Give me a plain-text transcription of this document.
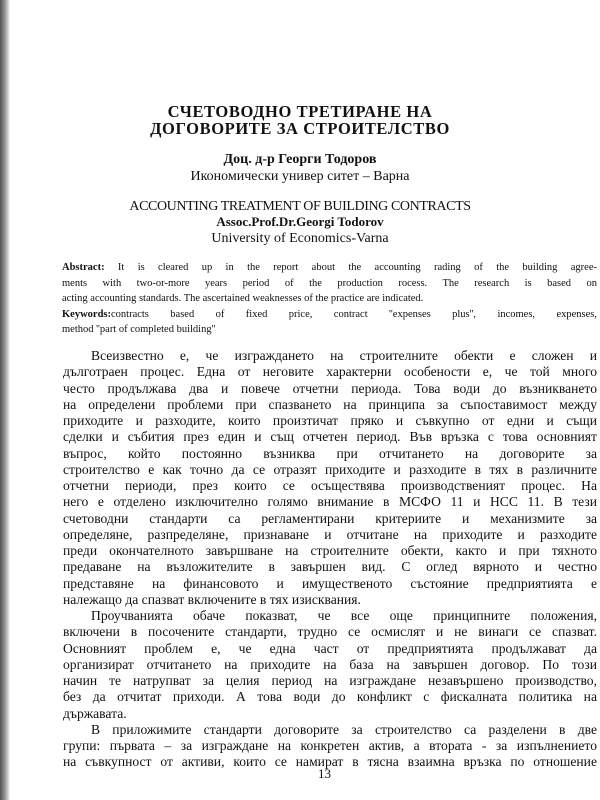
СЧЕТОВОДНО ТРЕТИРАНЕ НА
ДОГОВОРИТЕ ЗА СТРОИТЕЛСТВО
Доц. д-р Георги Тодоров
Икономически универ ситет – Варна
ACCOUNTING TREATMENT OF BUILDING CONTRACTS
Assoc.Prof.Dr.Georgi Todorov
University of Economics-Varna
Abstract: It is cleared up in the report about the accounting rading of the building agree-
ments with two-or-more years period of the production rocess. The research is based on
acting accounting standards. The ascertained weaknesses of the practice are indicated.
Keywords:contracts based of fixed price, contract ''expenses plus'', incomes, expenses,
method ''part of completed building''
Всеизвестно е, че изграждането на строителните обекти е сложен и
дълготраен процес. Една от неговите характерни особености е, че той много
често продължава два и повече отчетни периода. Това води до възникването
на определени проблеми при спазването на принципа за съпоставимост между
приходите и разходите, които произтичат пряко и съвкупно от едни и същи
сделки и събития през един и същ отчетен период. Във връзка с това основният
въпрос, който постоянно възниква при отчитането на договорите за
строителство е как точно да се отразят приходите и разходите в тях в различните
отчетни периоди, през които се осъществява производственият процес. На
него е отделено изключително голямо внимание в МСФО 11 и НСС 11. В тези
счетоводни стандарти са регламентирани критериите и механизмите за
определяне, разпределяне, признаване и отчитане на приходите и разходите
преди окончателното завършване на строителните обекти, както и при тяхното
предаване на възложителите в завършен вид. С оглед вярното и честно
представяне на финансовото и имущественото състояние предприятията е
належащо да спазват включените в тях изисквания.
Проучванията обаче показват, че все още принципните положения,
включени в посочените стандарти, трудно се осмислят и не винаги се спазват.
Основният проблем е, че една част от предприятията продължават да
организират отчитането на приходите на база на завършен договор. По този
начин те натрупват за целия период на изграждане незавършено производство,
без да отчитат приходи. А това води до конфликт с фискалната политика на
държавата.
В приложимите стандарти договорите за строителство са разделени в две
групи: първата – за изграждане на конкретен актив, а втората - за изпълнението
на съвкупност от активи, които се намират в тясна взаимна връзка по отношение
13
